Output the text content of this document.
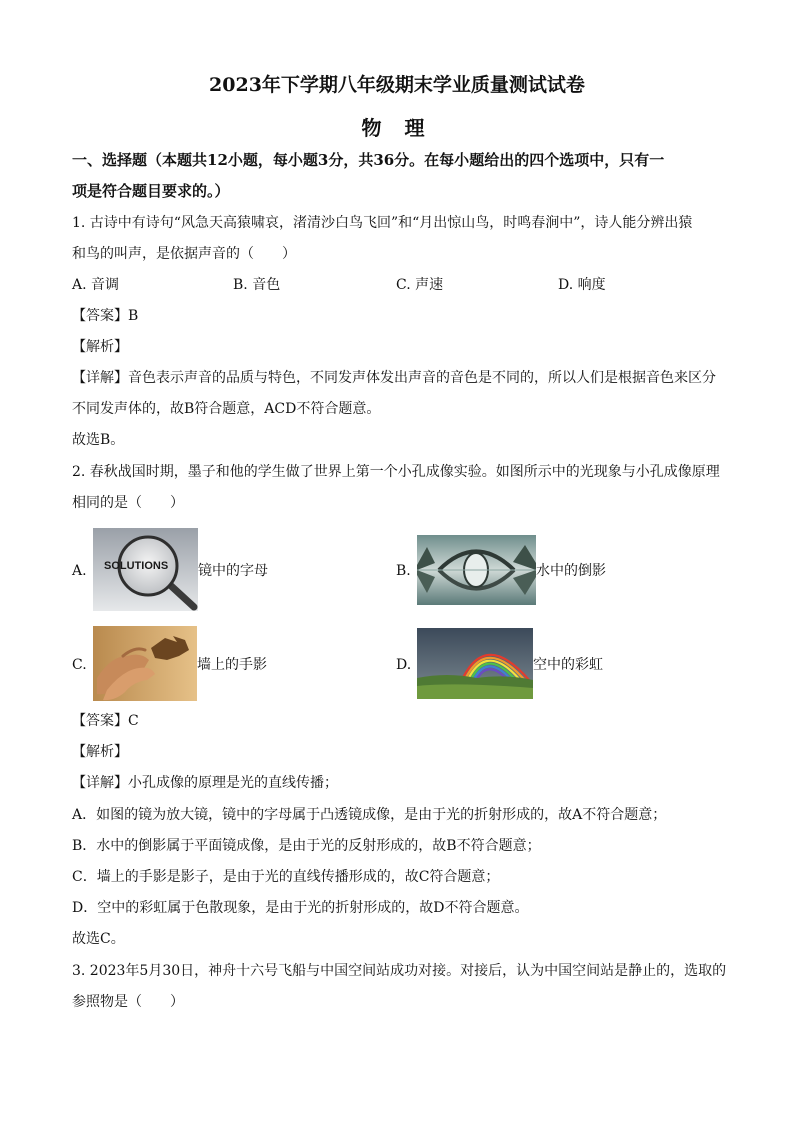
2023年下学期八年级期末学业质量测试试卷
物 理
一、选择题（本题共12小题，每小题3分，共36分。在每小题给出的四个选项中，只有一
项是符合题目要求的。）
1. 古诗中有诗句“风急天高猿啸哀，渚清沙白鸟飞回”和“月出惊山鸟，时鸣春涧中”，诗人能分辨出猿
和鸟的叫声，是依据声音的（　　）
A. 音调	B. 音色	C. 声速	D. 响度
【答案】B
【解析】
【详解】音色表示声音的品质与特色，不同发声体发出声音的音色是不同的，所以人们是根据音色来区分
不同发声体的，故B符合题意，ACD不符合题意。
故选B。
2. 春秋战国时期，墨子和他的学生做了世界上第一个小孔成像实验。如图所示中的光现象与小孔成像原理
相同的是（　　）
A. SOLUTIONS 镜中的字母	B.	水中的倒影
C.	墙上的手影	D.	空中的彩虹
【答案】C
【解析】
【详解】小孔成像的原理是光的直线传播；
A．如图的镜为放大镜，镜中的字母属于凸透镜成像，是由于光的折射形成的，故A不符合题意；
B．水中的倒影属于平面镜成像，是由于光的反射形成的，故B不符合题意；
C．墙上的手影是影子，是由于光的直线传播形成的，故C符合题意；
D．空中的彩虹属于色散现象，是由于光的折射形成的，故D不符合题意。
故选C。
3. 2023年5月30日，神舟十六号飞船与中国空间站成功对接。对接后，认为中国空间站是静止的，选取的
参照物是（　　）
